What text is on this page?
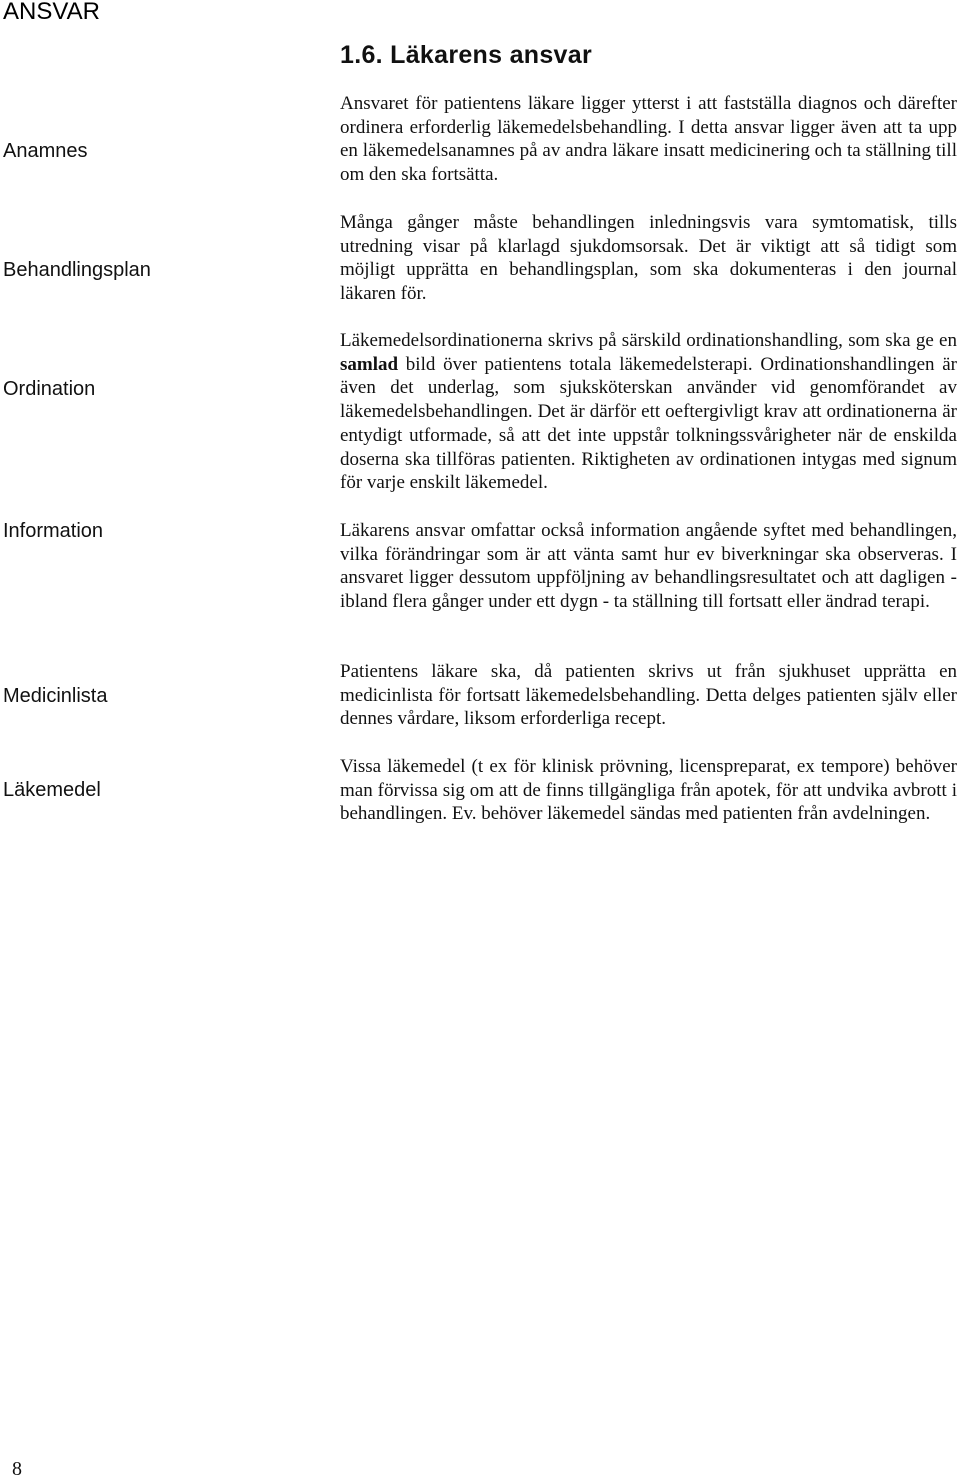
ANSVAR
1.6. Läkarens ansvar

Anamnes

Behandlingsplan

Ordination

Information

Medicinlista

Läkemedel

Ansvaret för patientens läkare ligger ytterst i att fastställa diagnos och därefter ordinera erforderlig läkemedelsbehandling. I detta ansvar ligger även att ta upp en läkemedelsanamnes på av andra läkare insatt medicinering och ta ställning till om den ska fortsätta.

Många gånger måste behandlingen inledningsvis vara symtomatisk, tills utredning visar på klarlagd sjukdomsorsak. Det är viktigt att så tidigt som möjligt upprätta en behandlingsplan, som ska dokumenteras i den journal läkaren för.

Läkemedelsordinationerna skrivs på särskild ordinationshandling, som ska ge en samlad bild över patientens totala läkemedelsterapi. Ordinationshandlingen är även det underlag, som sjuksköterskan använder vid genomförandet av läkemedelsbehandlingen. Det är därför ett oeftergivligt krav att ordinationerna är entydigt utformade, så att det inte uppstår tolkningssvårigheter när de enskilda doserna ska tillföras patienten. Riktigheten av ordinationen intygas med signum för varje enskilt läkemedel.

Läkarens ansvar omfattar också information angående syftet med behandlingen, vilka förändringar som är att vänta samt hur ev biverkningar ska observeras. I ansvaret ligger dessutom uppföljning av behandlingsresultatet och att dagligen - ibland flera gånger under ett dygn - ta ställning till fortsatt eller ändrad terapi.

Patientens läkare ska, då patienten skrivs ut från sjukhuset upprätta en medicinlista för fortsatt läkemedelsbehandling. Detta delges patienten själv eller dennes vårdare, liksom erforderliga recept.

Vissa läkemedel (t ex för klinisk prövning, licenspreparat, ex tempore) behöver man förvissa sig om att de finns tillgängliga från apotek, för att undvika avbrott i behandlingen. Ev. behöver läkemedel sändas med patienten från avdelningen.

8
